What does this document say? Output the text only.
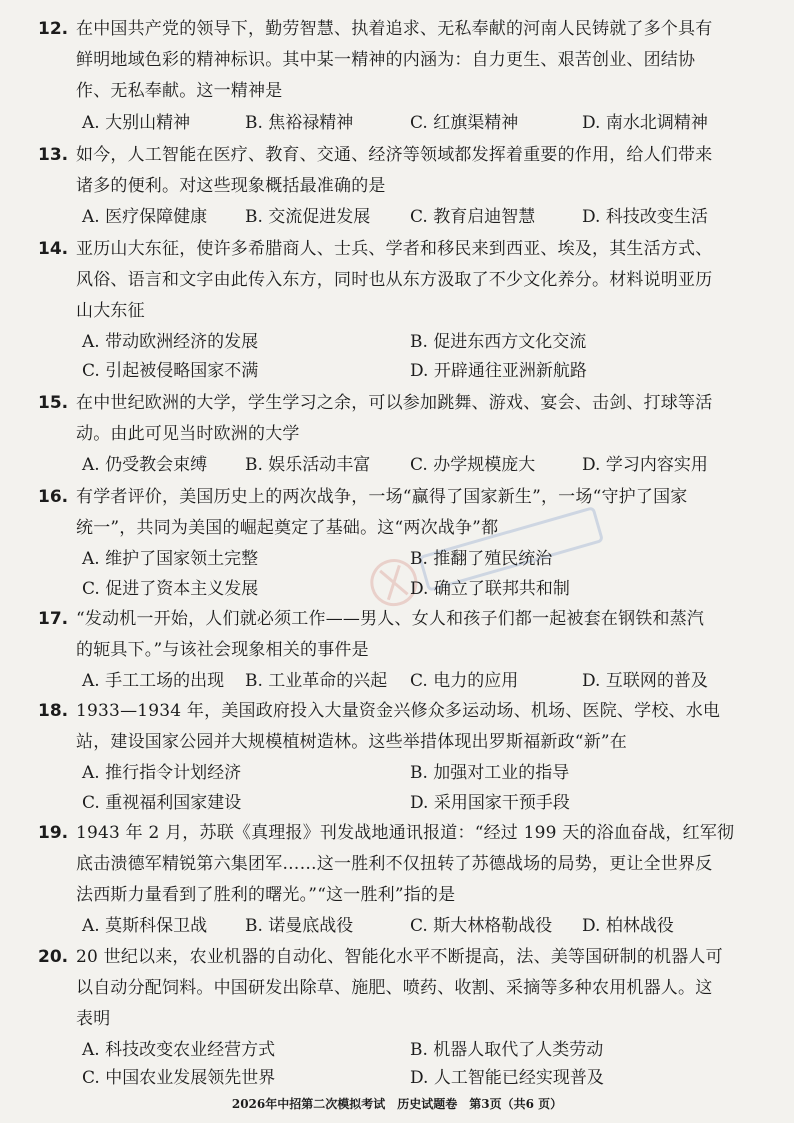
12. 在中国共产党的领导下，勤劳智慧、执着追求、无私奉献的河南人民铸就了多个具有
鲜明地域色彩的精神标识。其中某一精神的内涵为：自力更生、艰苦创业、团结协
作、无私奉献。这一精神是
A. 大别山精神	B. 焦裕禄精神	C. 红旗渠精神	D. 南水北调精神
13. 如今，人工智能在医疗、教育、交通、经济等领域都发挥着重要的作用，给人们带来
诸多的便利。对这些现象概括最准确的是
A. 医疗保障健康 B. 交流促进发展 C. 教育启迪智慧	D. 科技改变生活
14. 亚历山大东征，使许多希腊商人、士兵、学者和移民来到西亚、埃及，其生活方式、
风俗、语言和文字由此传入东方，同时也从东方汲取了不少文化养分。材料说明亚历
山大东征
A. 带动欧洲经济的发展	B. 促进东西方文化交流
C. 引起被侵略国家不满	D. 开辟通往亚洲新航路
15. 在中世纪欧洲的大学，学生学习之余，可以参加跳舞、游戏、宴会、击剑、打球等活
动。由此可见当时欧洲的大学
A. 仍受教会束缚 B. 娱乐活动丰富 C. 办学规模庞大	D. 学习内容实用
16. 有学者评价，美国历史上的两次战争，一场“赢得了国家新生”，一场“守护了国家
统一”，共同为美国的崛起奠定了基础。这“两次战争”都
A. 维护了国家领土完整	B. 推翻了殖民统治
C. 促进了资本主义发展	D. 确立了联邦共和制
17. “发动机一开始，人们就必须工作——男人、女人和孩子们都一起被套在钢铁和蒸汽
的轭具下。”与该社会现象相关的事件是
A. 手工工场的出现 B. 工业革命的兴起 C. 电力的应用	D. 互联网的普及
18. 1933—1934 年，美国政府投入大量资金兴修众多运动场、机场、医院、学校、水电
站，建设国家公园并大规模植树造林。这些举措体现出罗斯福新政“新”在
A. 推行指令计划经济	B. 加强对工业的指导
C. 重视福利国家建设	D. 采用国家干预手段
19. 1943 年 2 月，苏联《真理报》刊发战地通讯报道：“经过 199 天的浴血奋战，红军彻
底击溃德军精锐第六集团军……这一胜利不仅扭转了苏德战场的局势，更让全世界反
法西斯力量看到了胜利的曙光。”“这一胜利”指的是
A. 莫斯科保卫战 B. 诺曼底战役	C. 斯大林格勒战役 D. 柏林战役
20. 20 世纪以来，农业机器的自动化、智能化水平不断提高，法、美等国研制的机器人可
以自动分配饲料。中国研发出除草、施肥、喷药、收割、采摘等多种农用机器人。这
表明
A. 科技改变农业经营方式	B. 机器人取代了人类劳动
C. 中国农业发展领先世界	D. 人工智能已经实现普及
2026年中招第二次模拟考试　历史试题卷　第3页（共6 页）
